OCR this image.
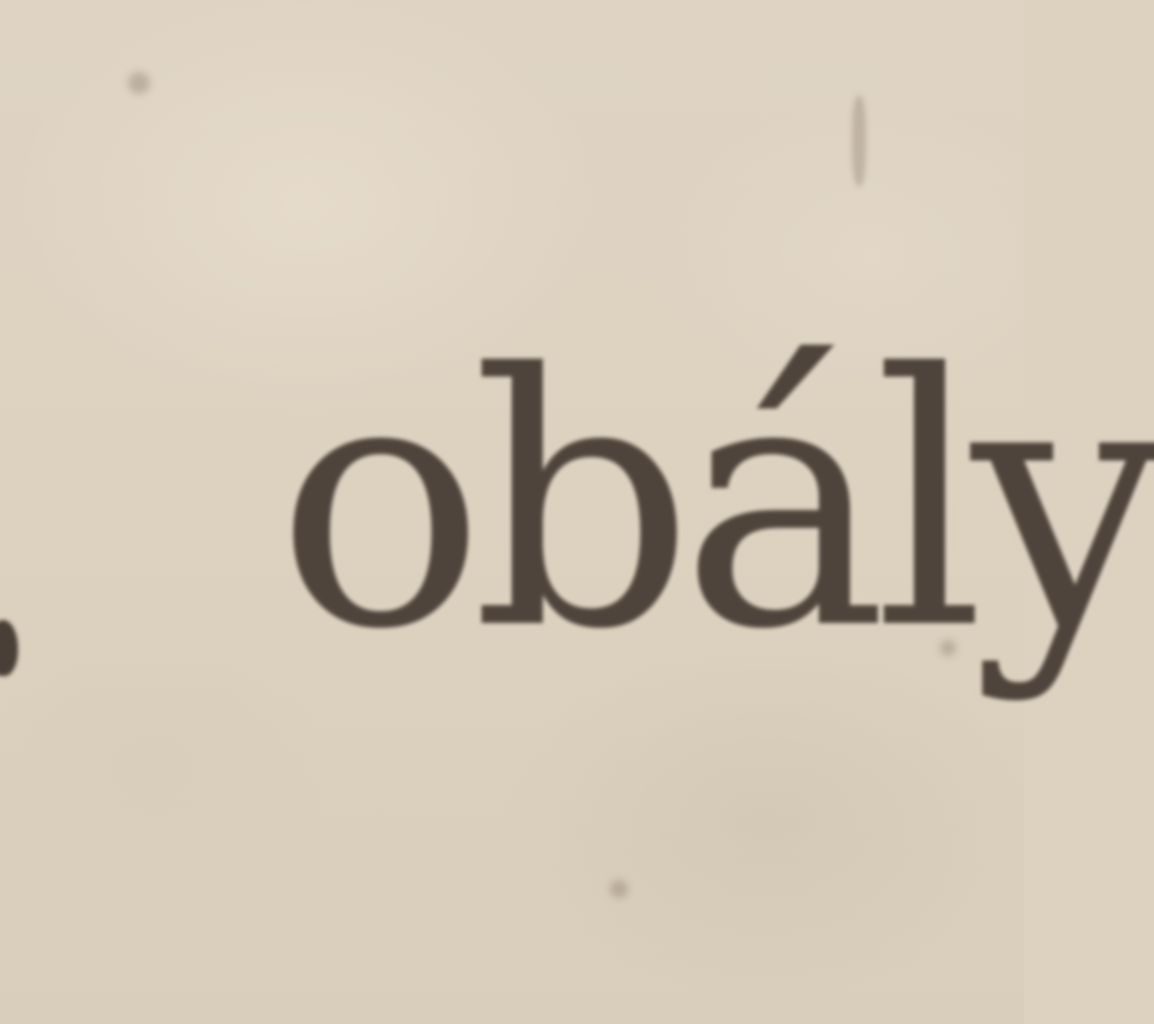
obály
